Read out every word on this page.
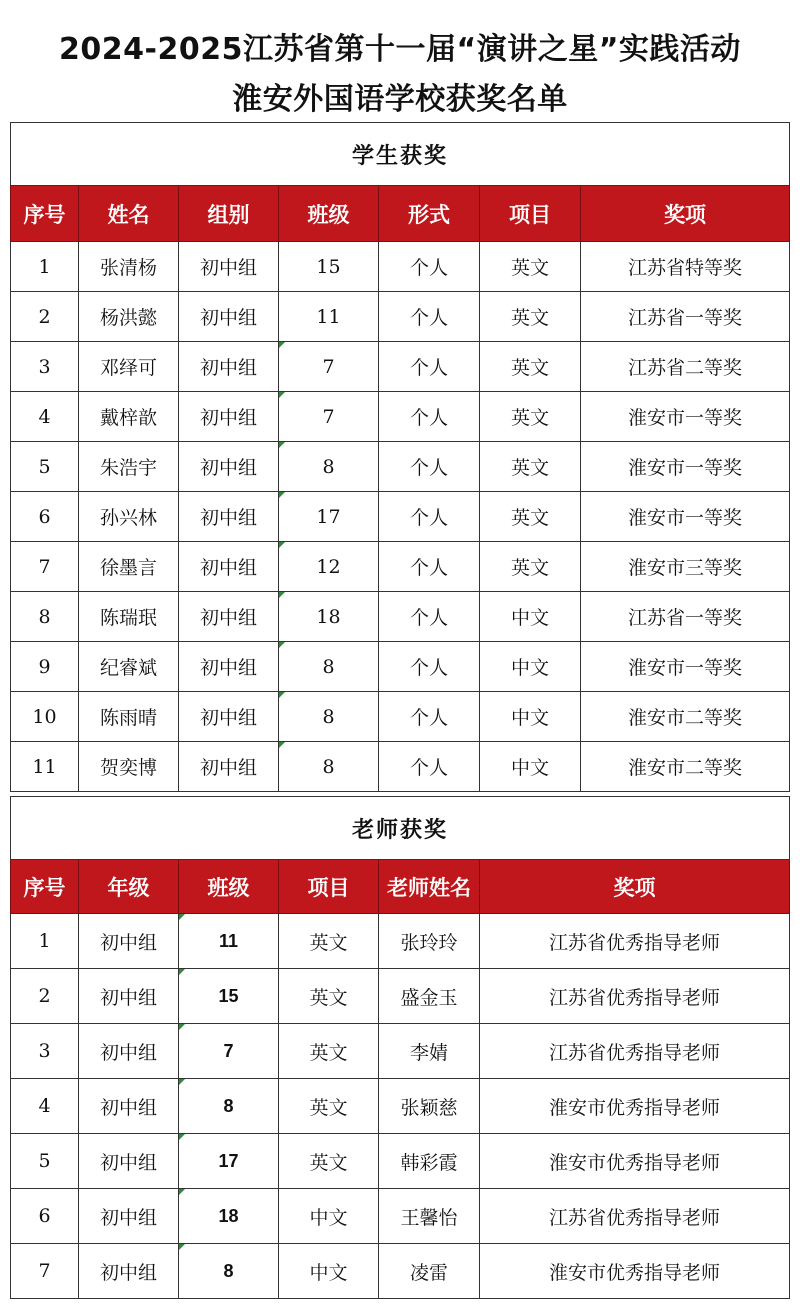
2024-2025江苏省第十一届“演讲之星”实践活动
淮安外国语学校获奖名单
学生获奖						
序号	姓名	组别	班级	形式	项目	奖项
1	张清杨	初中组	15	个人	英文	江苏省特等奖
2	杨洪懿	初中组	11	个人	英文	江苏省一等奖
3	邓绎可	初中组	7	个人	英文	江苏省二等奖
4	戴梓歆	初中组	7	个人	英文	淮安市一等奖
5	朱浩宇	初中组	8	个人	英文	淮安市一等奖
6	孙兴林	初中组	17	个人	英文	淮安市一等奖
7	徐墨言	初中组	12	个人	英文	淮安市三等奖
8	陈瑞珉	初中组	18	个人	中文	江苏省一等奖
9	纪睿斌	初中组	8	个人	中文	淮安市一等奖
10	陈雨晴	初中组	8	个人	中文	淮安市二等奖
11	贺奕博	初中组	8	个人	中文	淮安市二等奖
老师获奖					
序号	年级	班级	项目	老师姓名	奖项
1	初中组	11	英文	张玲玲	江苏省优秀指导老师
2	初中组	15	英文	盛金玉	江苏省优秀指导老师
3	初中组	7	英文	李婧	江苏省优秀指导老师
4	初中组	8	英文	张颖慈	淮安市优秀指导老师
5	初中组	17	英文	韩彩霞	淮安市优秀指导老师
6	初中组	18	中文	王馨怡	江苏省优秀指导老师
7	初中组	8	中文	凌雷	淮安市优秀指导老师
